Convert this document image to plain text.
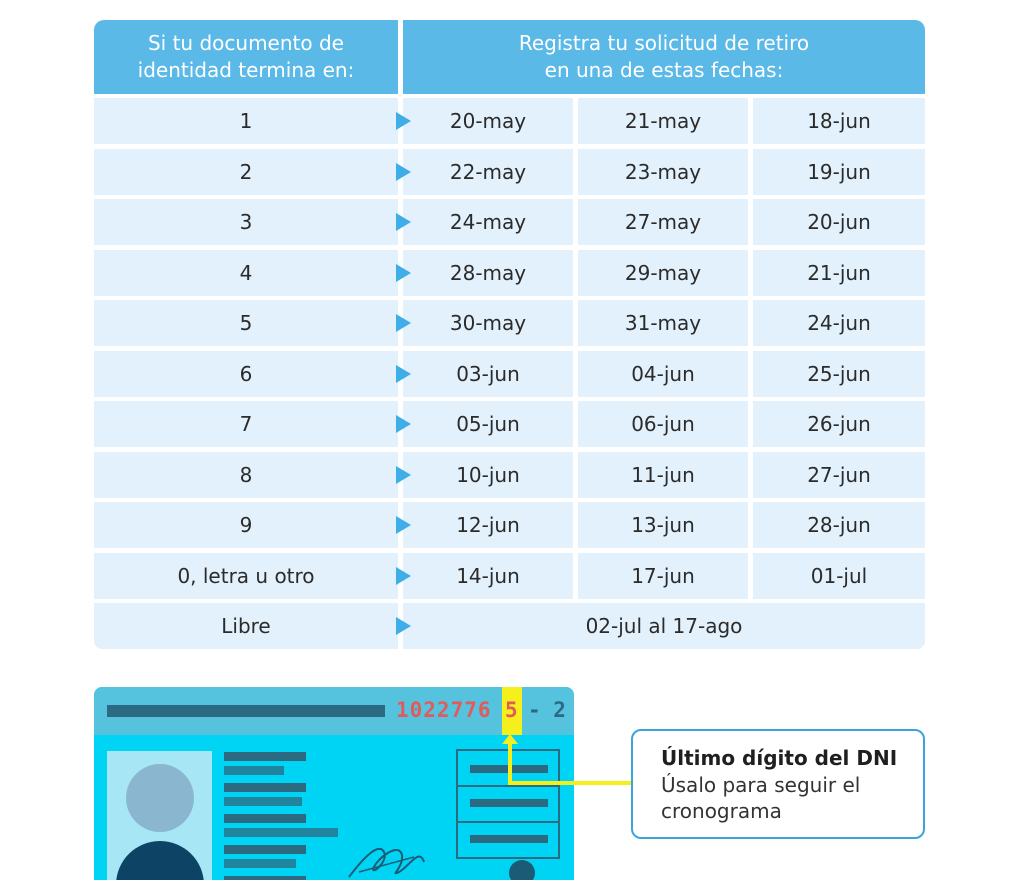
Si tu documento de
identidad termina en:
Registra tu solicitud de retiro
en una de estas fechas:
1	20-may	21-may	18-jun
2	22-may	23-may	19-jun
3	24-may	27-may	20-jun
4	28-may	29-may	21-jun
5	30-may	31-may	24-jun
6	03-jun	04-jun	25-jun
7	05-jun	06-jun	26-jun
8	10-jun	11-jun	27-jun
9	12-jun	13-jun	28-jun
0, letra u otro	14-jun	17-jun	01-jul
Libre	02-jul al 17-ago
1022776 5 - 2
Último dígito del DNI
Úsalo para seguir el
cronograma
